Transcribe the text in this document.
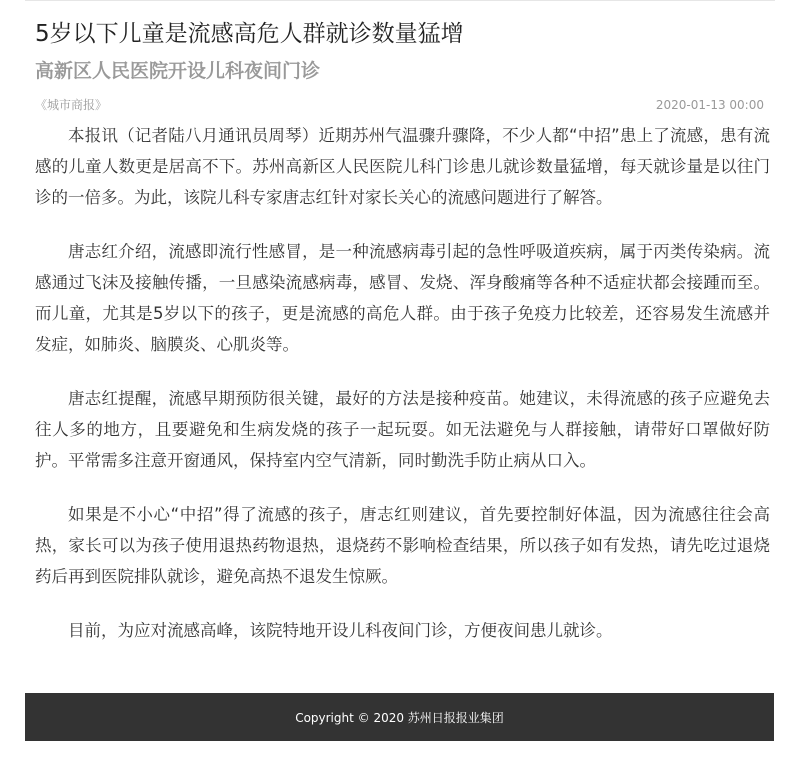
5岁以下儿童是流感高危人群就诊数量猛增
高新区人民医院开设儿科夜间门诊
《城市商报》	2020-01-13 00:00

本报讯（记者陆八月通讯员周琴）近期苏州气温骤升骤降，不少人都“中招”患上了流感，患有流感的儿童人数更是居高不下。苏州高新区人民医院儿科门诊患儿就诊数量猛增，每天就诊量是以往门诊的一倍多。为此，该院儿科专家唐志红针对家长关心的流感问题进行了解答。

唐志红介绍，流感即流行性感冒，是一种流感病毒引起的急性呼吸道疾病，属于丙类传染病。流感通过飞沫及接触传播，一旦感染流感病毒，感冒、发烧、浑身酸痛等各种不适症状都会接踵而至。而儿童，尤其是5岁以下的孩子，更是流感的高危人群。由于孩子免疫力比较差，还容易发生流感并发症，如肺炎、脑膜炎、心肌炎等。

唐志红提醒，流感早期预防很关键，最好的方法是接种疫苗。她建议，未得流感的孩子应避免去往人多的地方，且要避免和生病发烧的孩子一起玩耍。如无法避免与人群接触，请带好口罩做好防护。平常需多注意开窗通风，保持室内空气清新，同时勤洗手防止病从口入。

如果是不小心“中招”得了流感的孩子，唐志红则建议，首先要控制好体温，因为流感往往会高热，家长可以为孩子使用退热药物退热，退烧药不影响检查结果，所以孩子如有发热，请先吃过退烧药后再到医院排队就诊，避免高热不退发生惊厥。

目前，为应对流感高峰，该院特地开设儿科夜间门诊，方便夜间患儿就诊。

Copyright © 2020 苏州日报报业集团
